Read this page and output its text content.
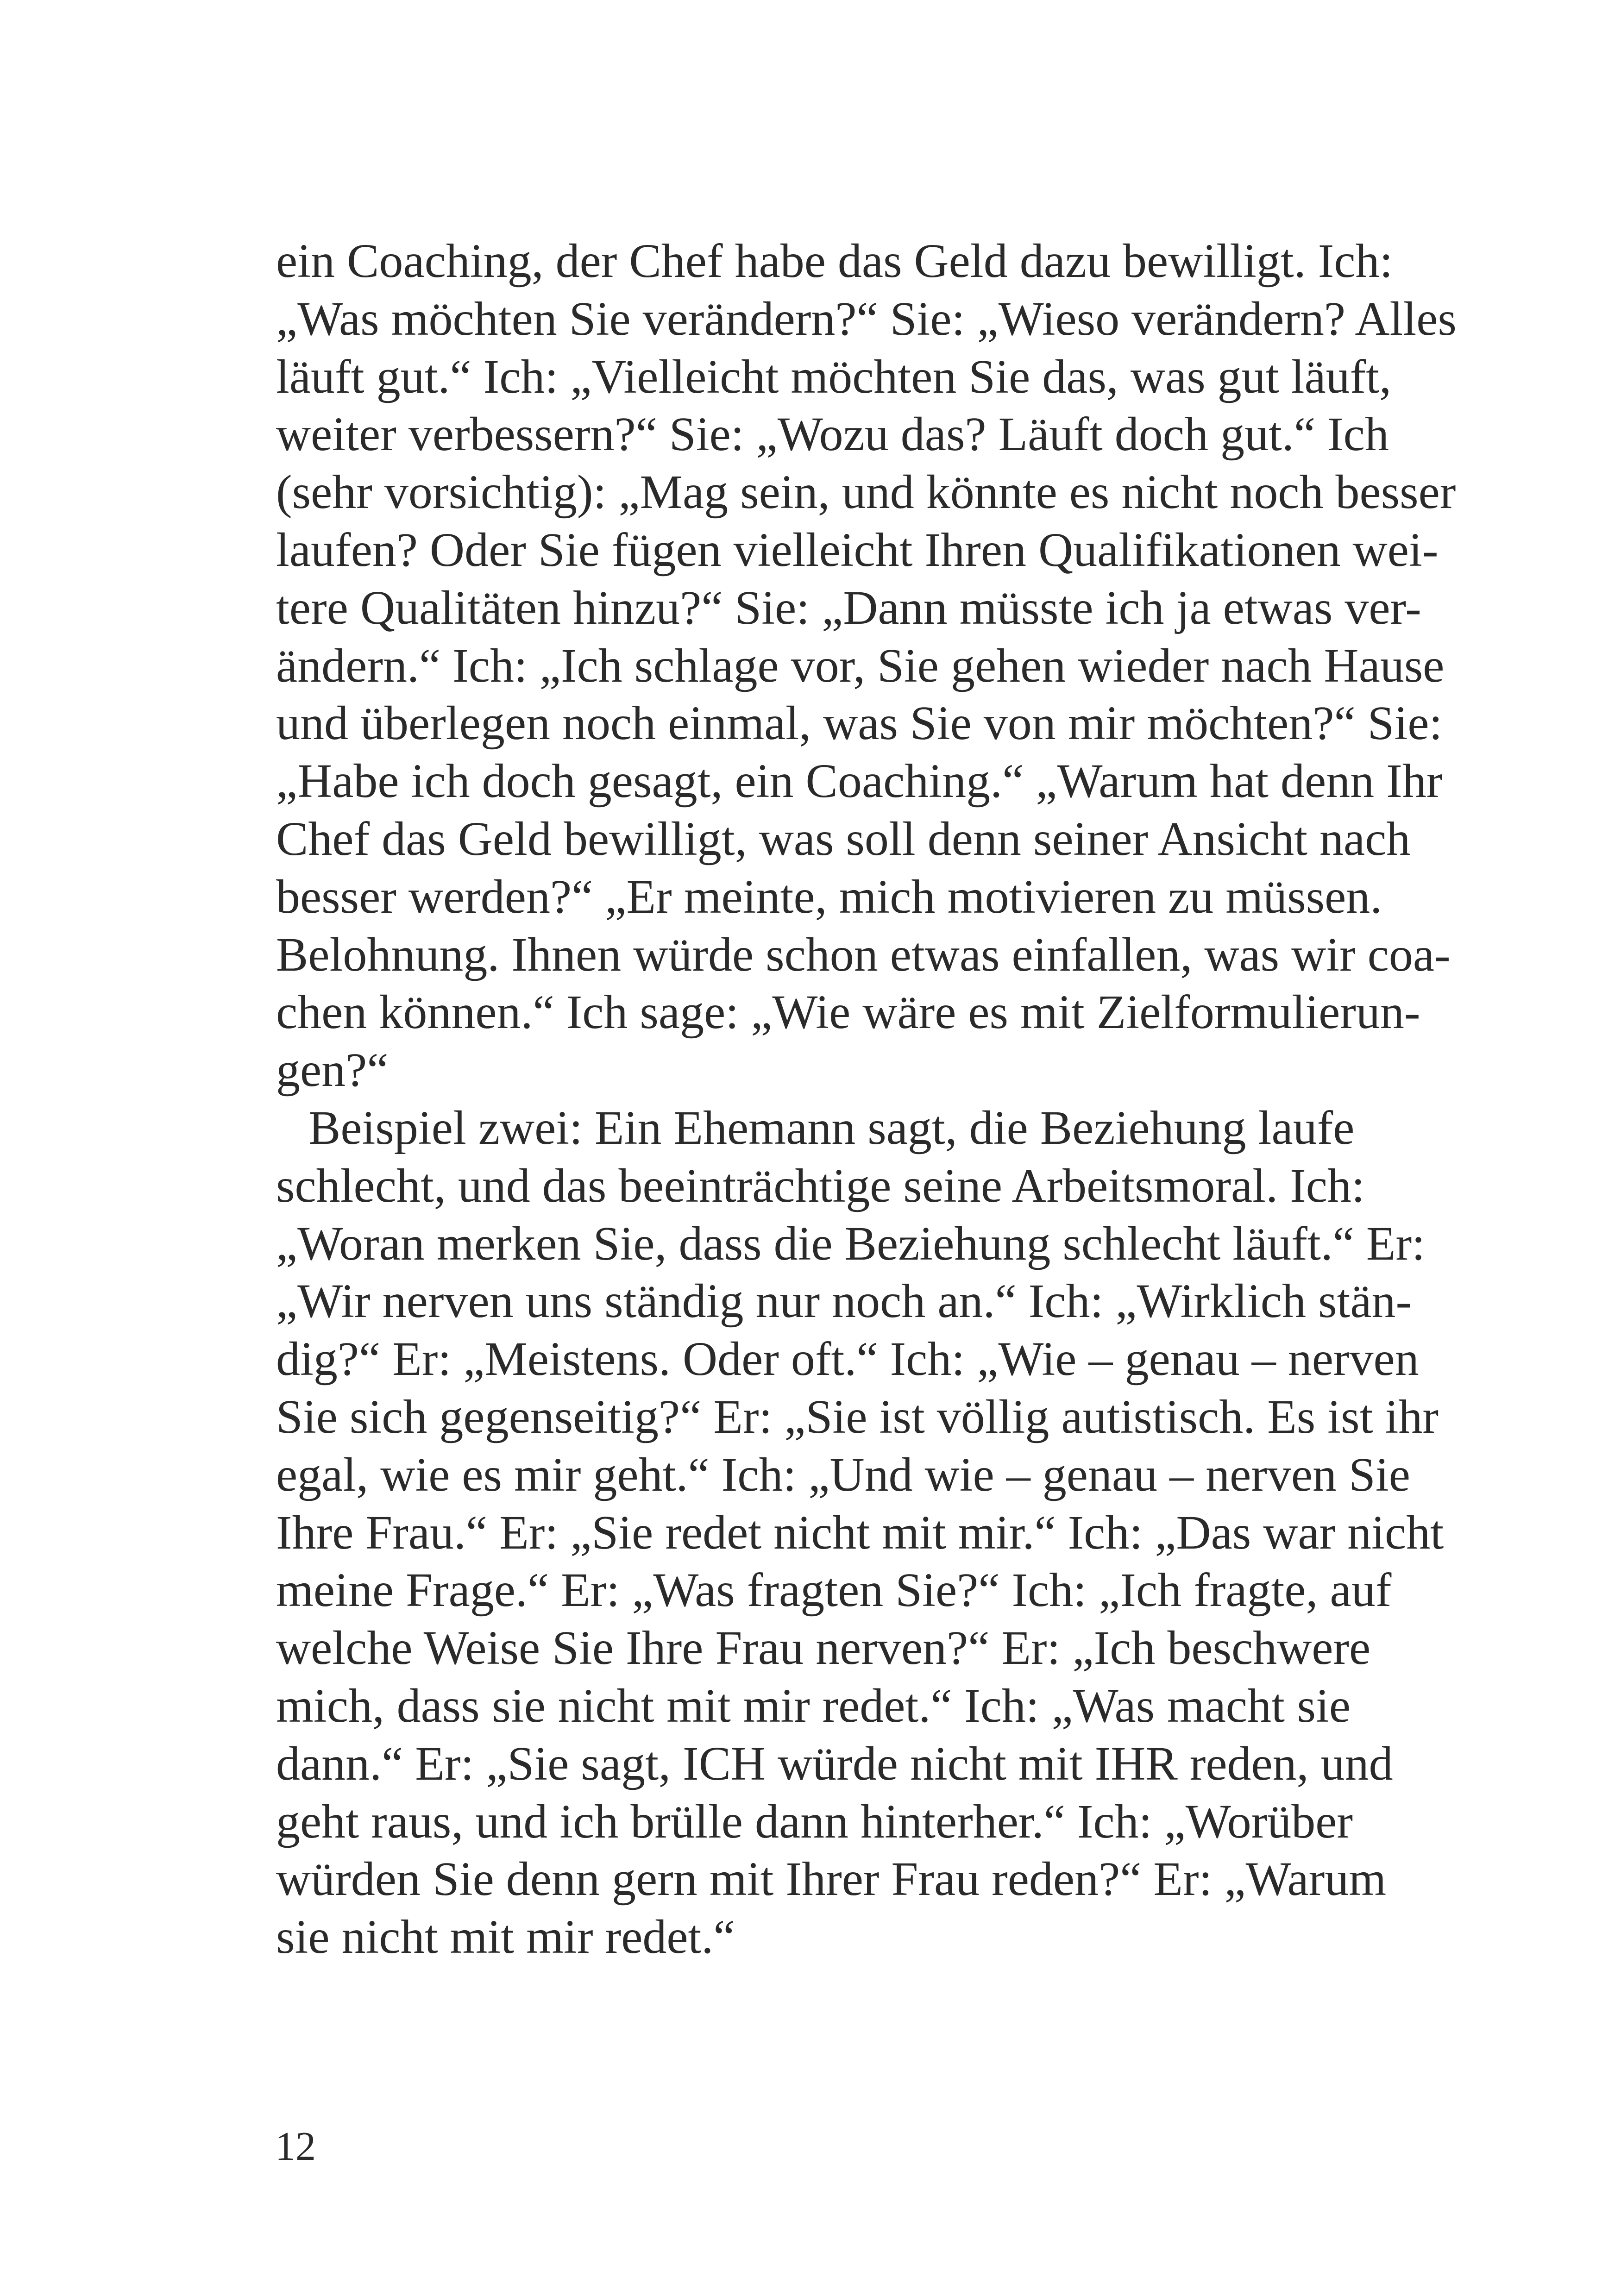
ein Coaching, der Chef habe das Geld dazu bewilligt. Ich:
„Was möchten Sie verändern?“ Sie: „Wieso verändern? Alles
läuft gut.“ Ich: „Vielleicht möchten Sie das, was gut läuft,
weiter verbessern?“ Sie: „Wozu das? Läuft doch gut.“ Ich
(sehr vorsichtig): „Mag sein, und könnte es nicht noch besser
laufen? Oder Sie fügen vielleicht Ihren Qualifikationen wei-
tere Qualitäten hinzu?“ Sie: „Dann müsste ich ja etwas ver-
ändern.“ Ich: „Ich schlage vor, Sie gehen wieder nach Hause
und überlegen noch einmal, was Sie von mir möchten?“ Sie:
„Habe ich doch gesagt, ein Coaching.“ „Warum hat denn Ihr
Chef das Geld bewilligt, was soll denn seiner Ansicht nach
besser werden?“ „Er meinte, mich motivieren zu müssen.
Belohnung. Ihnen würde schon etwas einfallen, was wir coa-
chen können.“ Ich sage: „Wie wäre es mit Zielformulierun-
gen?“
Beispiel zwei: Ein Ehemann sagt, die Beziehung laufe
schlecht, und das beeinträchtige seine Arbeitsmoral. Ich:
„Woran merken Sie, dass die Beziehung schlecht läuft.“ Er:
„Wir nerven uns ständig nur noch an.“ Ich: „Wirklich stän-
dig?“ Er: „Meistens. Oder oft.“ Ich: „Wie – genau – nerven
Sie sich gegenseitig?“ Er: „Sie ist völlig autistisch. Es ist ihr
egal, wie es mir geht.“ Ich: „Und wie – genau – nerven Sie
Ihre Frau.“ Er: „Sie redet nicht mit mir.“ Ich: „Das war nicht
meine Frage.“ Er: „Was fragten Sie?“ Ich: „Ich fragte, auf
welche Weise Sie Ihre Frau nerven?“ Er: „Ich beschwere
mich, dass sie nicht mit mir redet.“ Ich: „Was macht sie
dann.“ Er: „Sie sagt, ICH würde nicht mit IHR reden, und
geht raus, und ich brülle dann hinterher.“ Ich: „Worüber
würden Sie denn gern mit Ihrer Frau reden?“ Er: „Warum
sie nicht mit mir redet.“
12
